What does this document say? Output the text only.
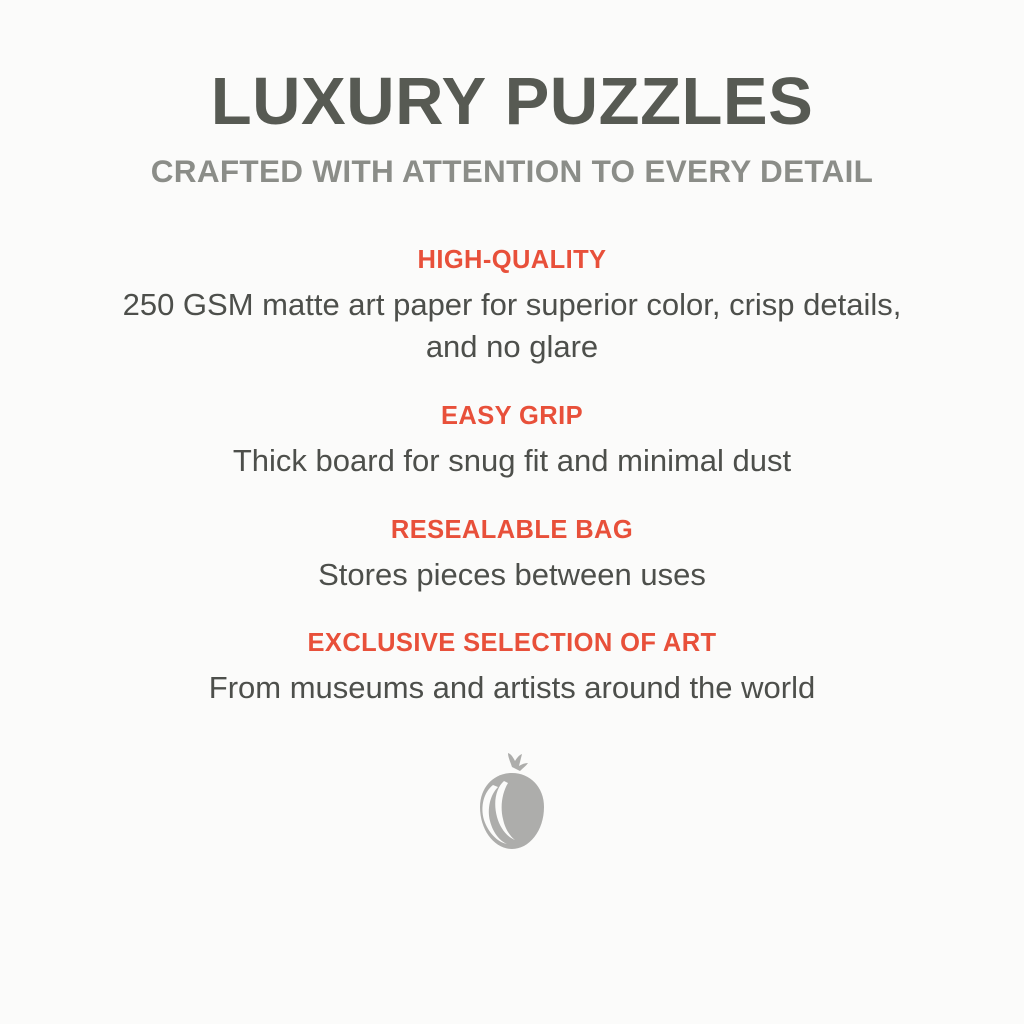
LUXURY PUZZLES
CRAFTED WITH ATTENTION TO EVERY DETAIL
HIGH-QUALITY
250 GSM matte art paper for superior color, crisp details, and no glare
EASY GRIP
Thick board for snug fit and minimal dust
RESEALABLE BAG
Stores pieces between uses
EXCLUSIVE SELECTION OF ART
From museums and artists around the world
